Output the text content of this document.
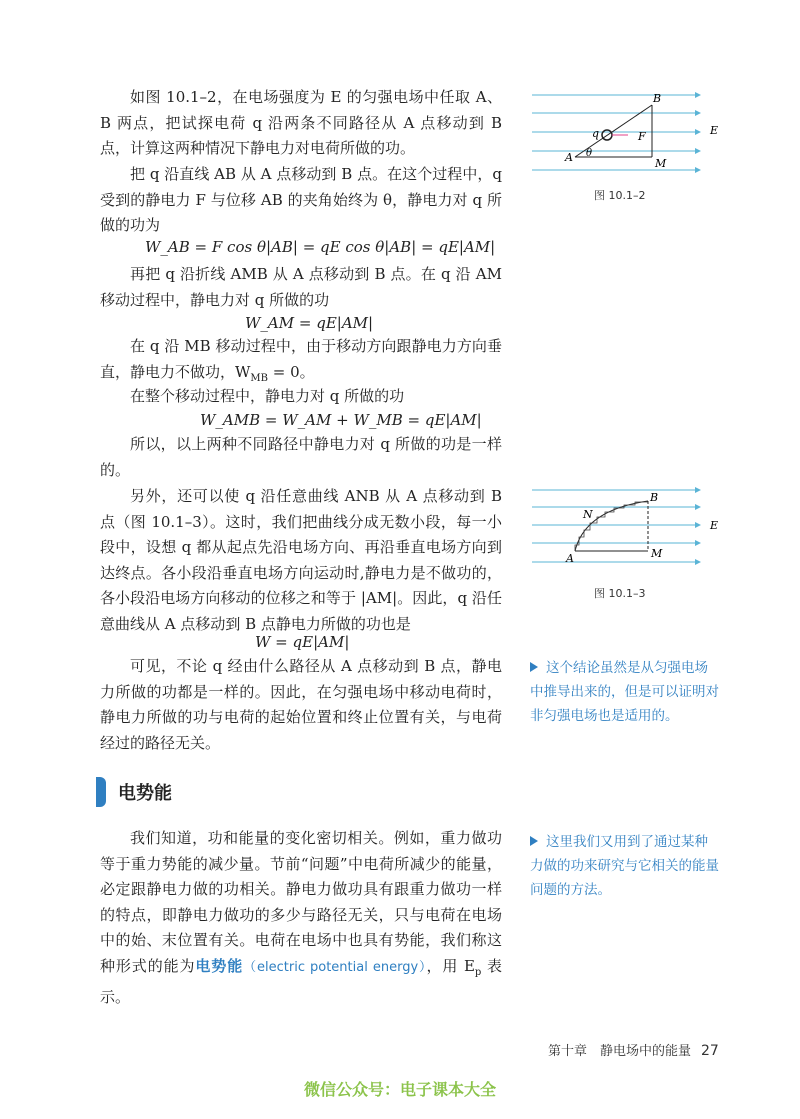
如图 10.1–2，在电场强度为 E 的匀强电场中任取 A、B 两点，把试探电荷 q 沿两条不同路径从 A 点移动到 B 点，计算这两种情况下静电力对电荷所做的功。

把 q 沿直线 AB 从 A 点移动到 B 点。在这个过程中，q 受到的静电力 F 与位移 AB 的夹角始终为 θ，静电力对 q 所做的功为

W_AB = F cos θ|AB| = qE cos θ|AB| = qE|AM|

再把 q 沿折线 AMB 从 A 点移动到 B 点。在 q 沿 AM 移动过程中，静电力对 q 所做的功

W_AM = qE|AM|

在 q 沿 MB 移动过程中，由于移动方向跟静电力方向垂直，静电力不做功，$W_{MB} = 0$。

在整个移动过程中，静电力对 q 所做的功

W_AMB = W_AM + W_MB = qE|AM|

所以，以上两种不同路径中静电力对 q 所做的功是一样的。

另外，还可以使 q 沿任意曲线 ANB 从 A 点移动到 B 点（图 10.1–3）。这时，我们把曲线分成无数小段，每一小段中，设想 q 都从起点先沿电场方向、再沿垂直电场方向到达终点。各小段沿垂直电场方向运动时,静电力是不做功的，各小段沿电场方向移动的位移之和等于 |AM|。因此，q 沿任意曲线从 A 点移动到 B 点静电力所做的功也是

W = qE|AM|

可见，不论 q 经由什么路径从 A 点移动到 B 点，静电力所做的功都是一样的。因此，在匀强电场中移动电荷时，静电力所做的功与电荷的起始位置和终止位置有关，与电荷经过的路径无关。

电势能

我们知道，功和能量的变化密切相关。例如，重力做功等于重力势能的减少量。节前“问题”中电荷所减少的能量，必定跟静电力做的功相关。静电力做功具有跟重力做功一样的特点，即静电力做功的多少与路径无关，只与电荷在电场中的始、末位置有关。电荷在电场中也具有势能，我们称这种形式的能为电势能（electric potential energy），用 $E_p$ 表示。

B
A	M
q	F
θ
E
图 10.1–2
B
A	M
N
E
图 10.1–3
这个结论虽然是从匀强电场中推导出来的，但是可以证明对非匀强电场也是适用的。
这里我们又用到了通过某种力做的功来研究与它相关的能量问题的方法。
第十章　静电场中的能量 27
微信公众号：电子课本大全
